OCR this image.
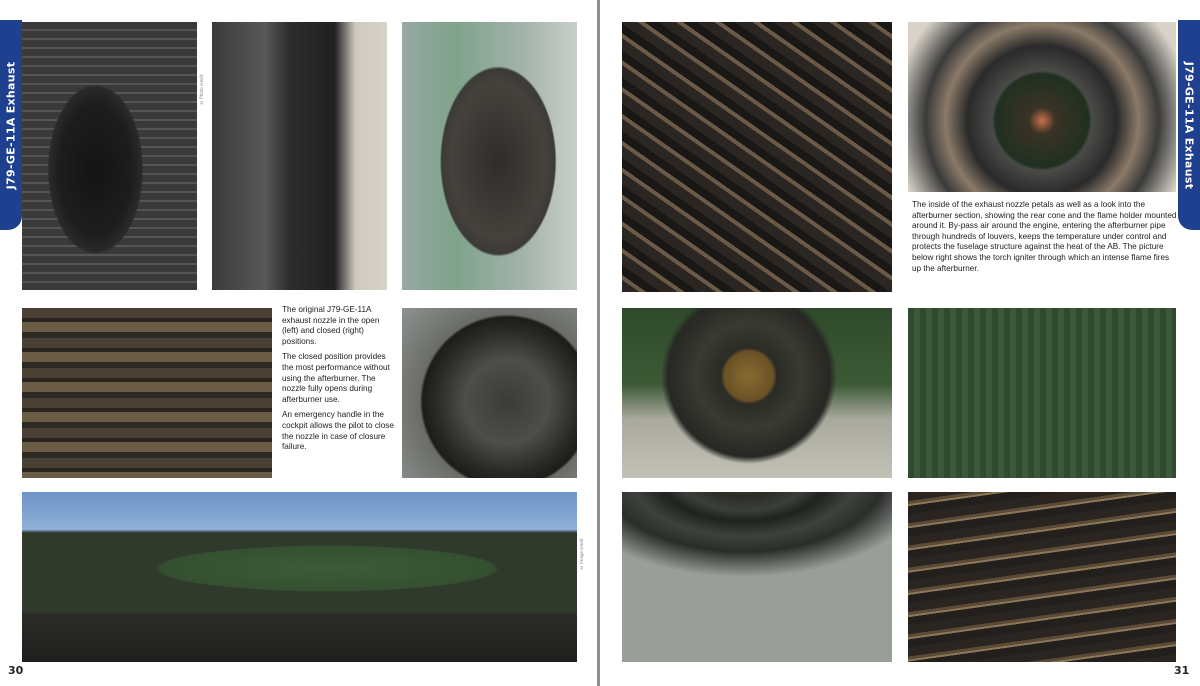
J79-GE-11A Exhaust	© Photo credit

The original J79-GE-11A exhaust nozzle in the open (left) and closed (right) positions.

The closed position provides the most performance without using the afterburner. The nozzle fully opens during afterburner use.

An emergency handle in the cockpit allows the pilot to close the nozzle in case of closure failure.

© Image credit
30

The inside of the exhaust nozzle petals as well as a look into the afterburner section, showing the rear cone and the flame holder mounted around it. By-pass air around the engine, entering the afterburner pipe through hundreds of louvers, keeps the temperature under control and protects the fuselage structure against the heat of the AB. The picture below right shows the torch igniter through which an intense flame fires up the afterburner.

31
J79-GE-11A Exhaust
